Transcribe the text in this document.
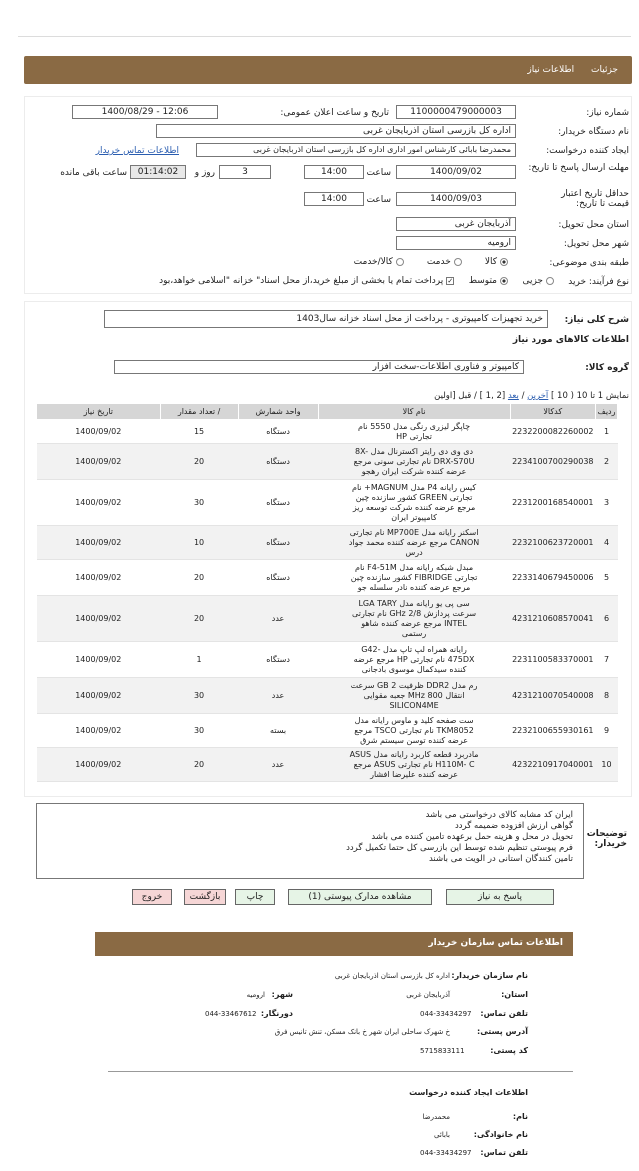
جزئیات اطلاعات نیاز
شماره نیاز:
1100000479000003
تاریخ و ساعت اعلان عمومی:
1400/08/29 - 12:06
نام دستگاه خریدار:
اداره کل بازرسی استان اذربایجان غربی
ایجاد کننده درخواست:
محمدرضا بابائی کارشناس امور اداری اداره کل بازرسی استان اذربایجان غربی
اطلاعات تماس خریدار
مهلت ارسال پاسخ تا تاریخ:
1400/09/02
ساعت
14:00
3
روز و
01:14:02
ساعت باقی مانده
حداقل تاریخ اعتبار قیمت تا تاریخ:
1400/09/03
ساعت
14:00
استان محل تحویل:
آذربایجان غربی
شهر محل تحویل:
ارومیه
طبقه بندی موضوعی:
کالا       خدمت       کالا/خدمت
نوع فرآیند: خرید
جزیی    متوسط    ✓پرداخت تمام یا بخشی از مبلغ خرید،از محل اسناد" خزانه "اسلامی خواهد،بود
شرح کلی نیاز:
خرید تجهیزات کامپیوتری - پرداخت از محل اسناد خزانه سال1403
اطلاعات کالاهای مورد نیاز
گروه کالا:
کامپیوتر و فناوری اطلاعات-سخت افزار
نمایش 1 تا 10 ( 10 ] آخرین / بعد [2 ,1 ] / قبل [اولین
ردیف	کدکالا	نام کالا	واحد شمارش	/ تعداد مقدار	تاریخ نیاز
1	2232200082260002	چاپگر لیزری رنگی مدل 5550 نام تجارتی HP	دستگاه	15	1400/09/02
2	2234100700290038	دی وی دی رایتر اکسترنال مدل 8X-DRX-S70U نام تجارتی سونی مرجع عرضه کننده شرکت ایران رهجو	دستگاه	20	1400/09/02
3	2231200168540001	کیس رایانه P4 مدل MAGNUM+ نام تجارتی GREEN کشور سازنده چین مرجع عرضه کننده شرکت توسعه ریز کامپیوتر ایران	دستگاه	30	1400/09/02
4	2232100623720001	اسکنر رایانه مدل MP700E نام تجارتی CANON مرجع عرضه کننده محمد جواد درس	دستگاه	10	1400/09/02
5	2233140679450006	مبدل شبکه رایانه مدل F4-51M نام تجارتی FIBRIDGE کشور سازنده چین مرجع عرضه کننده نادر سلسله جو	دستگاه	20	1400/09/02
6	4231210608570041	سی پی یو رایانه مدل LGA TARY سرعت پردازش 2/8 GHz نام تجارتی INTEL مرجع عرضه کننده شاهو رستمی	عدد	20	1400/09/02
7	2231100583370001	رایانه همراه لپ تاپ مدل G42-475DX نام تجارتی HP مرجع عرضه کننده سیدکمال موسوی بادجانی	دستگاه	1	1400/09/02
8	4231210070540008	رم مدل DDR2 ظرفیت 2 GB سرعت انتقال 800 MHz جعبه مقوایی SILICON4ME	عدد	30	1400/09/02
9	2232100655930161	ست صفحه کلید و ماوس رایانه مدل TKM8052 نام تجارتی TSCO مرجع عرضه کننده توسن سیستم شرق	بسته	30	1400/09/02
10	4232210917040001	مادربرد قطعه کاربرد رایانه مدل ASUS H110M- C نام تجارتی ASUS مرجع عرضه کننده علیرضا افشار	عدد	20	1400/09/02
توضیحات خریدار:
ایران کد مشابه کالای درخواستی می باشد
گواهی ارزش افزوده ضمیمه گردد
تحویل در محل و هزینه حمل برعهده تامین کننده می باشد
فرم پیوستی تنظیم شده توسط این بازرسی کل حتما تکمیل گردد
تامین کنندگان استانی در الویت می باشند
پاسخ به نیاز
مشاهده مدارک پیوستی (1)
چاپ
بازگشت
خروج
اطلاعات تماس سازمان خریدار
نام سازمان خریدار:
اداره کل بازرسی استان اذربایجان غربی
استان:
آذربایجان غربی
شهر:
ارومیه
تلفن تماس:
044-33434297
دورنگار:
044-33467612
آدرس پستی:
خ شهرک ساحلی ایران شهر خ بانک مسکن، تنش تانیس فرق
کد پستی:
5715833111
اطلاعات ایجاد کننده درخواست
نام:
محمدرضا
نام خانوادگی:
بابائی
تلفن تماس:
044-33434297
